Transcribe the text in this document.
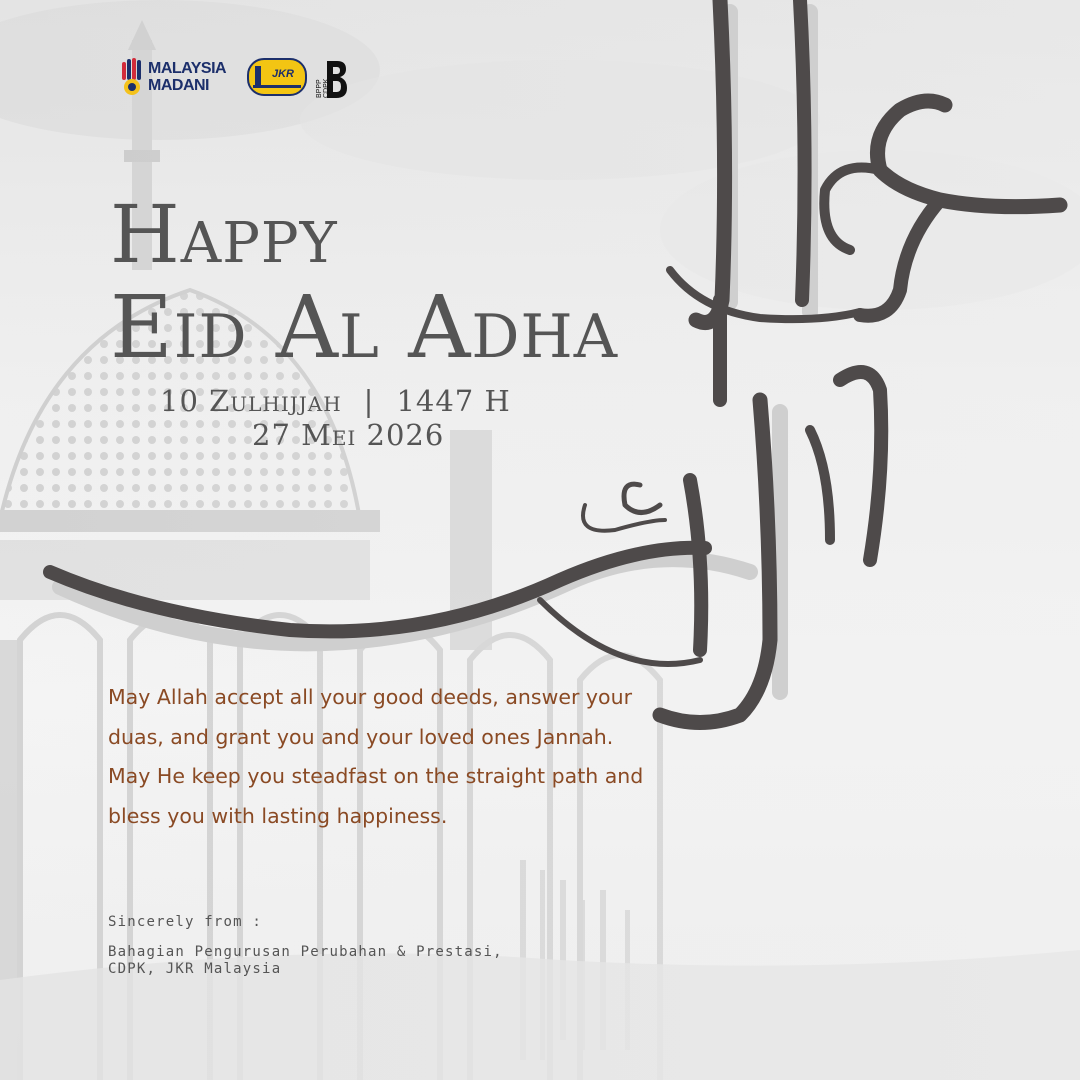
MALAYSIA
MADANI
JKR
BPPP CDPK
Happy
Eid Al Adha
10 Zulhijjah | 1447 H
27 Mei 2026
May Allah accept all your good deeds, answer your
duas, and grant you and your loved ones Jannah.
May He keep you steadfast on the straight path and
bless you with lasting happiness.
Sincerely from :
Bahagian Pengurusan Perubahan & Prestasi,
CDPK, JKR Malaysia
